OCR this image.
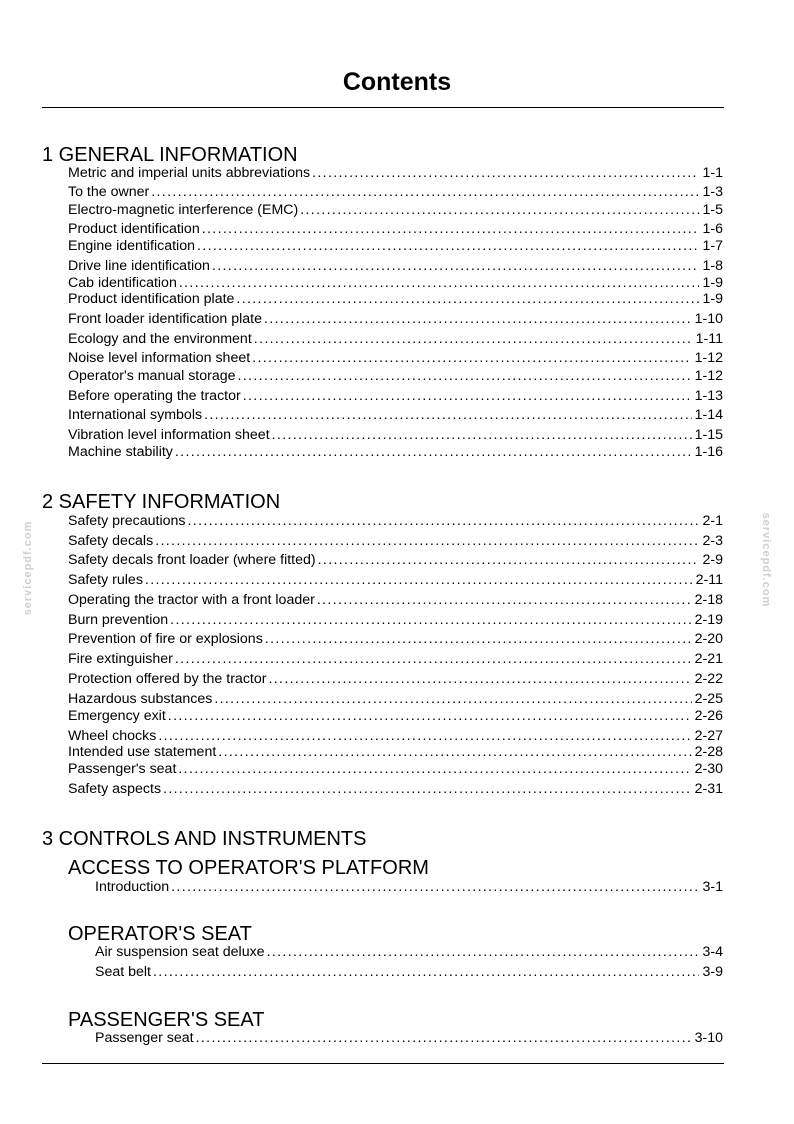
Contents
servicepdf.com	servicepdf.com
1 GENERAL INFORMATION
Metric and imperial units abbreviations . . .	1-1
To the owner . . .	1-3
Electro-magnetic interference (EMC) . . .	1-5
Product identification . . .	1-6
Engine identification . . .	1-7
Drive line identification . . .	1-8
Cab identification . . .	1-9
Product identification plate . . .	1-9
Front loader identification plate . . .	1-10
Ecology and the environment . . .	1-11
Noise level information sheet . . .	1-12
Operator's manual storage . . .	1-12
Before operating the tractor . . .	1-13
International symbols . . .	1-14
Vibration level information sheet . . .	1-15
Machine stability . . .	1-16
2 SAFETY INFORMATION
Safety precautions . . .	2-1
Safety decals . . .	2-3
Safety decals front loader (where fitted) . . .	2-9
Safety rules . . .	2-11
Operating the tractor with a front loader . . .	2-18
Burn prevention . . .	2-19
Prevention of fire or explosions . . .	2-20
Fire extinguisher . . .	2-21
Protection offered by the tractor . . .	2-22
Hazardous substances . . .	2-25
Emergency exit . . .	2-26
Wheel chocks . . .	2-27
Intended use statement . . .	2-28
Passenger's seat . . .	2-30
Safety aspects . . .	2-31
3 CONTROLS AND INSTRUMENTS
ACCESS TO OPERATOR'S PLATFORM
Introduction . . .	3-1
OPERATOR'S SEAT
Air suspension seat deluxe . . .	3-4
Seat belt . . .	3-9
PASSENGER'S SEAT
Passenger seat . . .	3-10
